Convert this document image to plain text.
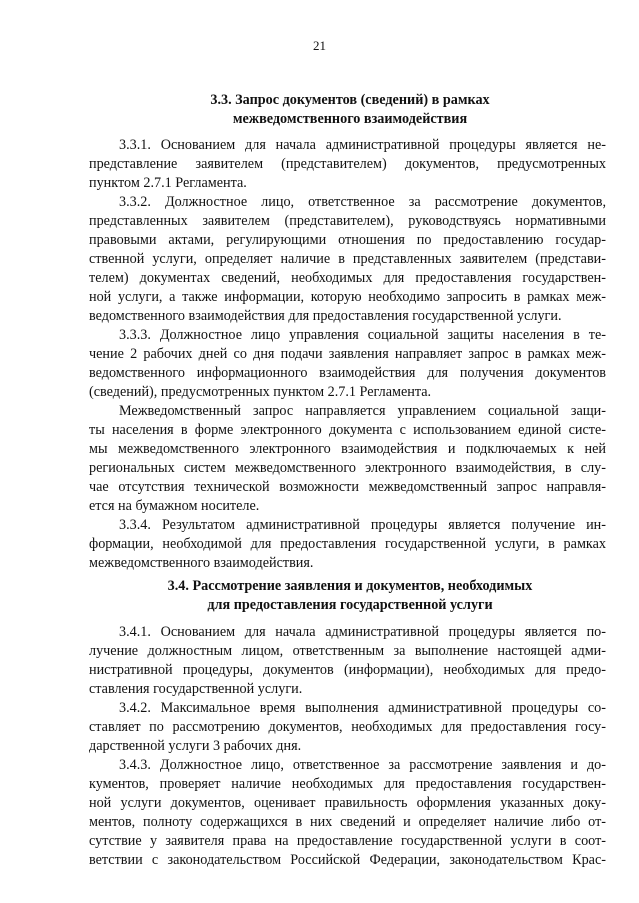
21
3.3. Запрос документов (сведений) в рамках
межведомственного взаимодействия
3.3.1. Основанием для начала административной процедуры является не-
представление заявителем (представителем) документов, предусмотренных
пунктом 2.7.1 Регламента.
3.3.2. Должностное лицо, ответственное за рассмотрение документов,
представленных заявителем (представителем), руководствуясь нормативными
правовыми актами, регулирующими отношения по предоставлению государ-
ственной услуги, определяет наличие в представленных заявителем (представи-
телем) документах сведений, необходимых для предоставления государствен-
ной услуги, а также информации, которую необходимо запросить в рамках меж-
ведомственного взаимодействия для предоставления государственной услуги.
3.3.3. Должностное лицо управления социальной защиты населения в те-
чение 2 рабочих дней со дня подачи заявления направляет запрос в рамках меж-
ведомственного информационного взаимодействия для получения документов
(сведений), предусмотренных пунктом 2.7.1 Регламента.
Межведомственный запрос направляется управлением социальной защи-
ты населения в форме электронного документа с использованием единой систе-
мы межведомственного электронного взаимодействия и подключаемых к ней
региональных систем межведомственного электронного взаимодействия, в слу-
чае отсутствия технической возможности межведомственный запрос направля-
ется на бумажном носителе.
3.3.4. Результатом административной процедуры является получение ин-
формации, необходимой для предоставления государственной услуги, в рамках
межведомственного взаимодействия.
3.4. Рассмотрение заявления и документов, необходимых
для предоставления государственной услуги
3.4.1. Основанием для начала административной процедуры является по-
лучение должностным лицом, ответственным за выполнение настоящей адми-
нистративной процедуры, документов (информации), необходимых для предо-
ставления государственной услуги.
3.4.2. Максимальное время выполнения административной процедуры со-
ставляет по рассмотрению документов, необходимых для предоставления госу-
дарственной услуги 3 рабочих дня.
3.4.3. Должностное лицо, ответственное за рассмотрение заявления и до-
кументов, проверяет наличие необходимых для предоставления государствен-
ной услуги документов, оценивает правильность оформления указанных доку-
ментов, полноту содержащихся в них сведений и определяет наличие либо от-
сутствие у заявителя права на предоставление государственной услуги в соот-
ветствии с законодательством Российской Федерации, законодательством Крас-
